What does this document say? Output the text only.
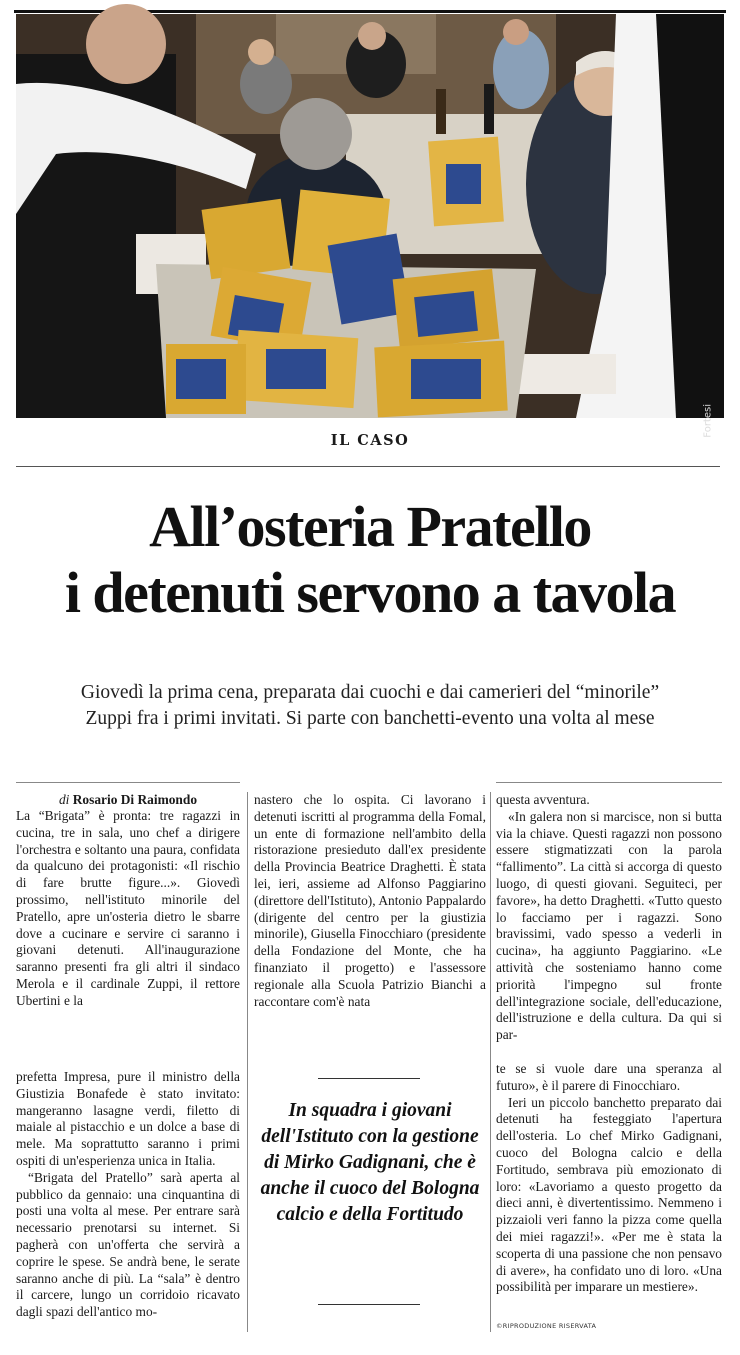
Fortesi
IL CASO
All’osteria Pratello
i detenuti servono a tavola
Giovedì la prima cena, preparata dai cuochi e dai camerieri del “minorile”
Zuppi fra i primi invitati. Si parte con banchetti-evento una volta al mese
di Rosario Di Raimondo

La “Brigata” è pronta: tre ragazzi in cucina, tre in sala, uno chef a dirigere l'orchestra e soltanto una paura, confidata da qualcuno dei protagonisti: «Il rischio di fare brutte figure...». Giovedì prossimo, nell'istituto minorile del Pratello, apre un'osteria dietro le sbarre dove a cucinare e servire ci saranno i giovani detenuti. All'inaugurazione saranno presenti fra gli altri il sindaco Merola e il cardinale Zuppi, il rettore Ubertini e la

prefetta Impresa, pure il ministro della Giustizia Bonafede è stato invitato: mangeranno lasagne verdi, filetto di maiale al pistacchio e un dolce a base di mele. Ma soprattutto saranno i primi ospiti di un'esperienza unica in Italia.

“Brigata del Pratello” sarà aperta al pubblico da gennaio: una cinquantina di posti una volta al mese. Per entrare sarà necessario prenotarsi su internet. Si pagherà con un'offerta che servirà a coprire le spese. Se andrà bene, le serate saranno anche di più. La “sala” è dentro il carcere, lungo un corridoio ricavato dagli spazi dell'antico mo-

nastero che lo ospita. Ci lavorano i detenuti iscritti al programma della Fomal, un ente di formazione nell'ambito della ristorazione presieduto dall'ex presidente della Provincia Beatrice Draghetti. È stata lei, ieri, assieme ad Alfonso Paggiarino (direttore dell'Istituto), Antonio Pappalardo (dirigente del centro per la giustizia minorile), Giusella Finocchiaro (presidente della Fondazione del Monte, che ha finanziato il progetto) e l'assessore regionale alla Scuola Patrizio Bianchi a raccontare com'è nata

In squadra i giovani dell'Istituto con la gestione di Mirko Gadignani, che è anche il cuoco del Bologna calcio e della Fortitudo

questa avventura.

«In galera non si marcisce, non si butta via la chiave. Questi ragazzi non possono essere stigmatizzati con la parola “fallimento”. La città si accorga di questo luogo, di questi giovani. Seguiteci, per favore», ha detto Draghetti. «Tutto questo lo facciamo per i ragazzi. Sono bravissimi, vado spesso a vederli in cucina», ha aggiunto Paggiarino. «Le attività che sosteniamo hanno come priorità l'impegno sul fronte dell'integrazione sociale, dell'educazione, dell'istruzione e della cultura. Da qui si par-

te se si vuole dare una speranza al futuro», è il parere di Finocchiaro.

Ieri un piccolo banchetto preparato dai detenuti ha festeggiato l'apertura dell'osteria. Lo chef Mirko Gadignani, cuoco del Bologna calcio e della Fortitudo, sembrava più emozionato di loro: «Lavoriamo a questo progetto da dieci anni, è divertentissimo. Nemmeno i pizzaioli veri fanno la pizza come quella dei miei ragazzi!». «Per me è stata la scoperta di una passione che non pensavo di avere», ha confidato uno di loro. «Una possibilità per imparare un mestiere».

©RIPRODUZIONE RISERVATA
